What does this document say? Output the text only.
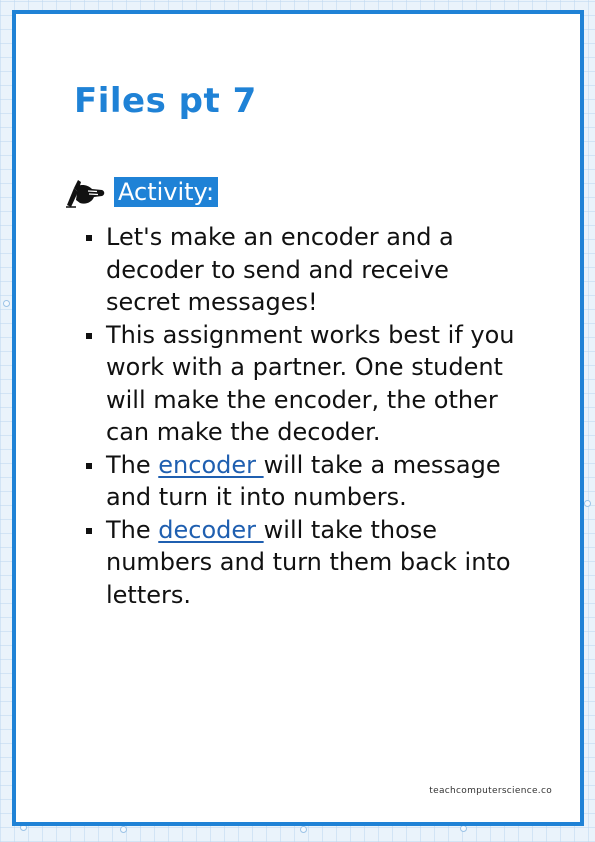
Files pt 7
Activity:
Let's make an encoder and a decoder to send and receive secret messages!
This assignment works best if you work with a partner. One student will make the encoder, the other can make the decoder.
The encoder will take a message and turn it into numbers.
The decoder will take those numbers and turn them back into letters.
teachcomputerscience.co
